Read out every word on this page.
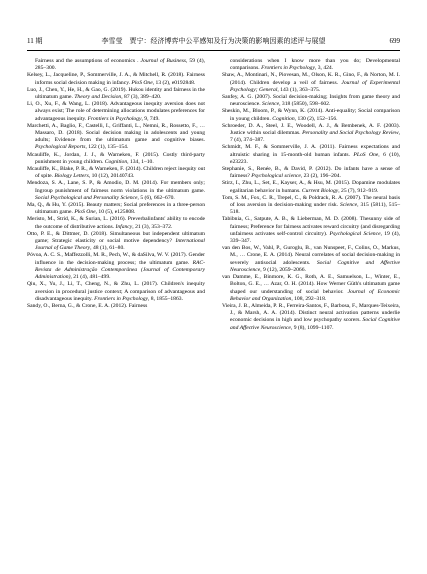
11 期	李雪莹　贾宁：经济博弈中公平感知及行为决策的影响因素的述评与展望	699

Fairness and the assumptions of economics . Journal of Business, 59 (4), 285–300.

Kelsey, L., Jacqueline, P., Sommerville, J. A., & Mitchell, R. (2018). Fairness informs social decision making in infancy. PloS One, 13 (2), e0192848.

Luo, J., Chen, Y., He, H., & Gao, G. (2019). Hukou identity and fairness in the ultimatum game. Theory and Decision, 87 (3), 389–420.

Li, O., Xu, F., & Wang, L. (2018). Advantageous inequity aversion does not always exist; The role of determining allocations modulates preferences for advantageous inequity. Frontiers in Psychology, 9, 749.

Marchetti, A., Baglio, F., Castelli, I., Griffanti, L., Nemni, R., Rossetto, F., … Massaro, D. (2018). Social decision making in adolescents and young adults; Evidence from the ultimatum game and cognitive biases. Psychological Reports, 122 (1), 135–154.

Mcauliffe, K., Jordan, J. J., & Warneken, F. (2015). Costly third-party punishment in young children. Cognition, 134, 1–10.

Mcauliffe, K., Blake, P. R., & Warneken, F. (2014). Children reject inequity out of spite. Biology Letters, 10 (12), 20140743.

Mendoza, S. A., Lane, S. P., & Amodio, D. M. (2014). For members only; Ingroup punishment of fairness norm violations in the ultimatum game. Social Psychological and Personality Science, 5 (6), 662–670.

Ma, Q., & Hu, Y. (2015). Beauty matters; Social preferences in a three-person ultimatum game. PloS One, 10 (5), e125808.

Meristo, M., Strid, K., & Surian, L. (2016). Preverbalinfants' ability to encode the outcome of distributive actions. Infancy, 21 (3), 353–372.

Otto, P. E., & Dittmer, D. (2018). Simultaneous but independent ultimatum game; Strategic elasticity or social motive dependency? International Journal of Game Theory, 48 (1), 61–80.

Póvoa, A. C. S., Maffezzolli, M. R., Pech, W., & daSilva, W. V. (2017). Gender influence in the decision-making process; the ultimatum game. RAC-Revista de Administração Contemporânea (Journal of Contemporary Administration), 21 (4), 481–499.

Qiu, X., Yu, J., Li, T., Cheng, N., & Zhu, L. (2017). Children's inequity aversion in procedural justice context; A comparison of advantageous and disadvantageous inequity. Frontiers in Psychology, 8, 1855–1863.

Sandy, O., Berna, G., & Crone, E. A. (2012). Fairness

considerations when I know more than you do; Developmental comparisons. Frontiers in Psychology, 3, 424.

Shaw, A., Montinari, N., Piovesan, M., Olson, K. R., Gino, F., & Norton, M. I. (2014). Children develop a veil of fairness. Journal of Experimental Psychology; General, 143 (1), 363–375.

Sanfey, A. G. (2007). Social decision-making; Insights from game theory and neuroscience. Science, 318 (5850), 598–602.

Sheskin, M., Bloom, P., & Wynn, K. (2014). Anti-equality; Social comparison in young children. Cognition, 130 (2), 152–156.

Schroeder, D. A., Steel, J. E., Woodell, A. J., & Bembenek, A. F. (2003). Justice within social dilemmas. Personality and Social Psychology Review, 7 (4), 374–387.

Schmidt, M. F., & Sommerville, J. A. (2011). Fairness expectations and altruistic sharing in 15-month-old human infants. PLoS One, 6 (10), e23223.

Stephanie, S., Renée, B., & David, P. (2012). Do infants have a sense of fairness? Psychological science, 23 (2), 196–204.

Stirz, I., Zhu, L., Set, E., Kayser, A., & Hsu, M. (2015). Dopamine modulates egalitarian behavior in humans. Current Biology, 25 (7), 912–919.

Tom, S. M., Fox, C. R., Trepel, C., & Poldrack, R. A. (2007). The neural basis of loss aversion in decision-making under risk. Science, 315 (5811), 515–518.

Tabibnia, G., Satpute, A. B., & Lieberman, M. D. (2008). Thesunny side of fairness; Preference for fairness activates reward circuitry (and disregarding unfairness activates self-control circuitry). Psychological Science, 19 (4), 339–347.

van den Bos, W., Vahl, P., Guroglu, B., van Nunspeet, F., Colins, O., Markus, M., … Crone, E. A. (2014). Neural correlates of social decision-making in severely antisocial adolescents. Social Cognitive and Affective Neuroscience, 9 (12), 2059–2066.

van Damme, E., Binmore, K. G., Roth, A. E., Samuelson, L., Winter, E., Bolton, G. E., … Azar, O. H. (2014). How Werner Güth's ultimatum game shaped our understanding of social behavior. Journal of Economic Behavior and Organization, 108, 292–318.

Vieira, J. B., Almeida, P. R., Ferreira-Santos, F., Barbosa, F., Marques-Teixeira, J., & Marsh, A. A. (2014). Distinct neural activation patterns underlie economic decisions in high and low psychopathy scorers. Social Cognitive and Affective Neuroscience, 9 (8), 1099–1107.
